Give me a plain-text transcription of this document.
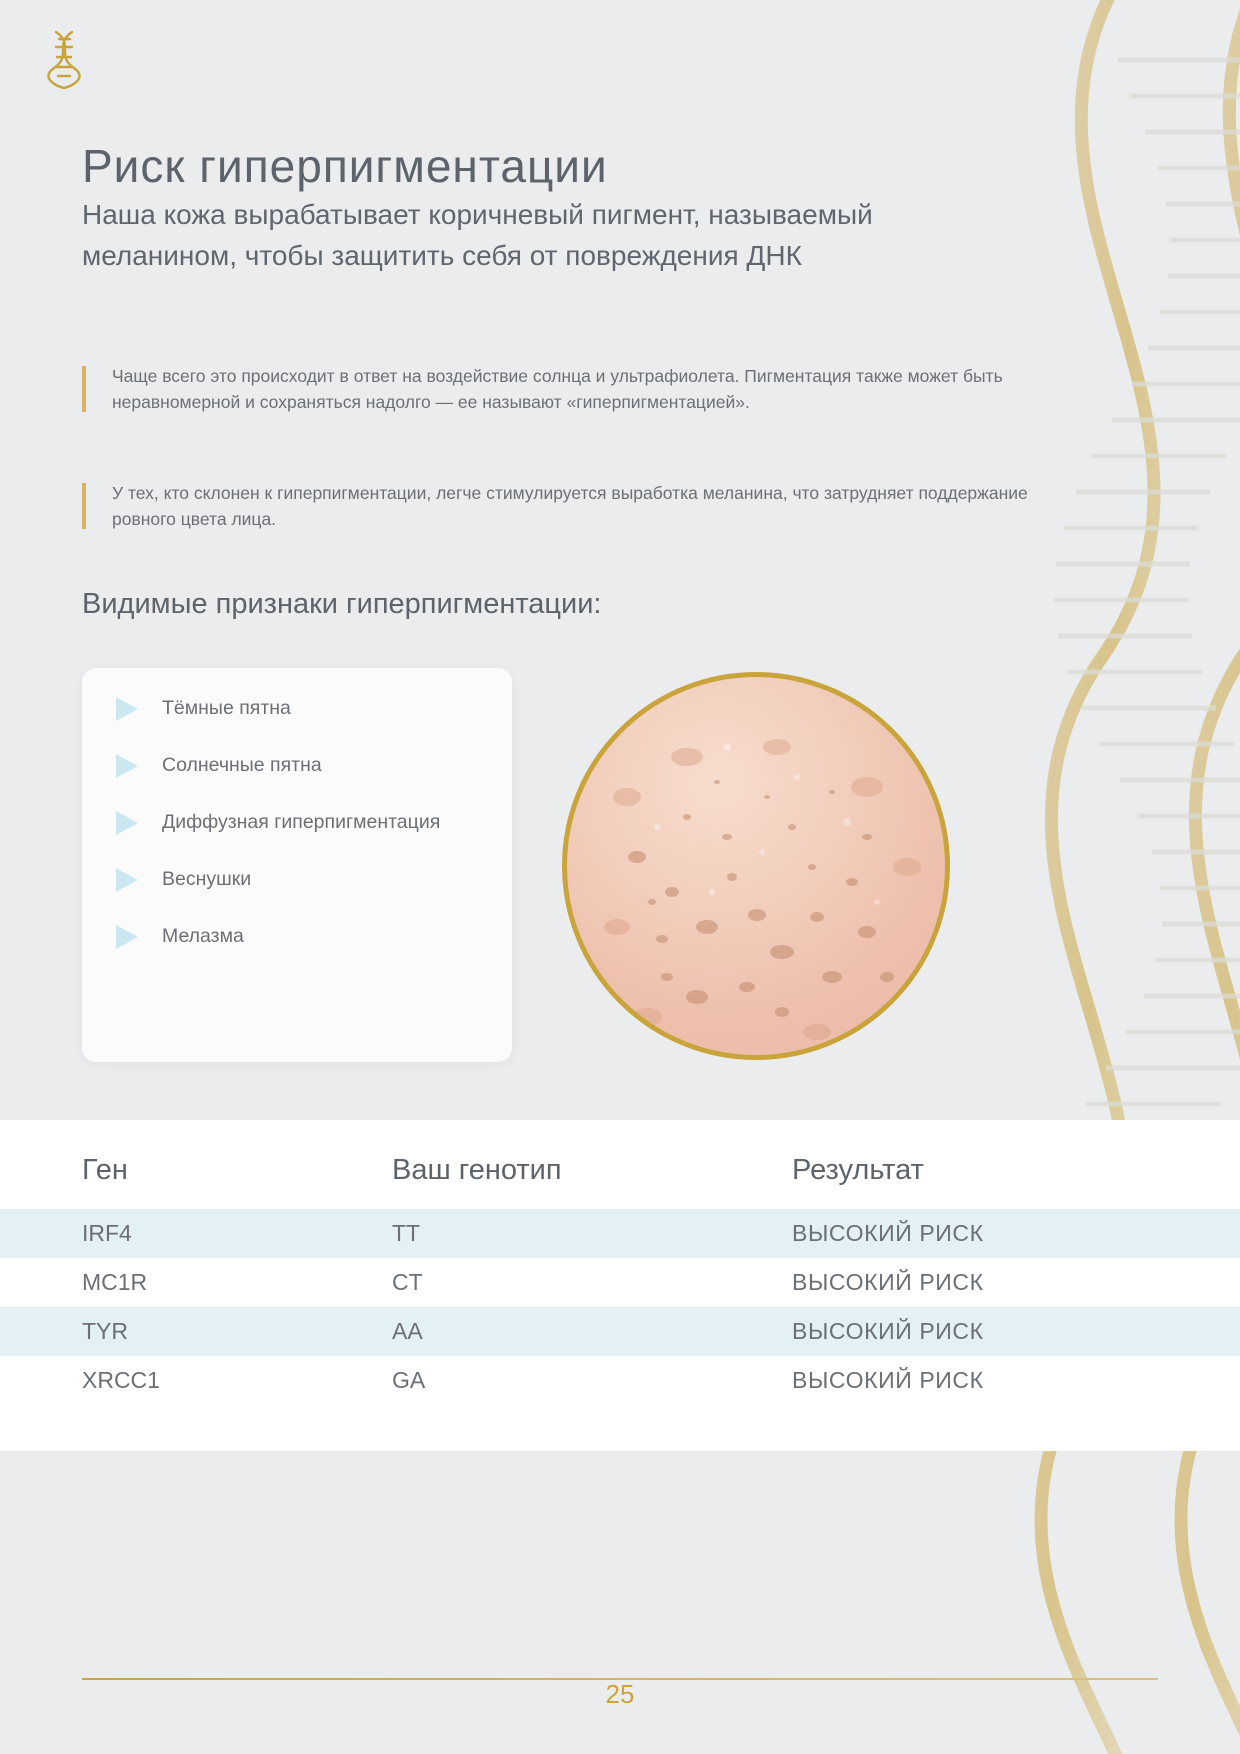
Риск гиперпигментации
Наша кожа вырабатывает коричневый пигмент, называемый меланином, чтобы защитить себя от повреждения ДНК

Чаще всего это происходит в ответ на воздействие солнца и ультрафиолета. Пигментация также может быть неравномерной и сохраняться надолго — ее называют «гиперпигментацией».

У тех, кто склонен к гиперпигментации, легче стимулируется выработка меланина, что затрудняет поддержание ровного цвета лица.

Видимые признаки гиперпигментации:
Тёмные пятна
Солнечные пятна
Диффузная гиперпигментация
Веснушки
Мелазма
Ген	Ваш генотип	Результат
IRF4	TT	ВЫСОКИЙ РИСК
MC1R	CT	ВЫСОКИЙ РИСК
TYR	AA	ВЫСОКИЙ РИСК
XRCC1	GA	ВЫСОКИЙ РИСК
25
